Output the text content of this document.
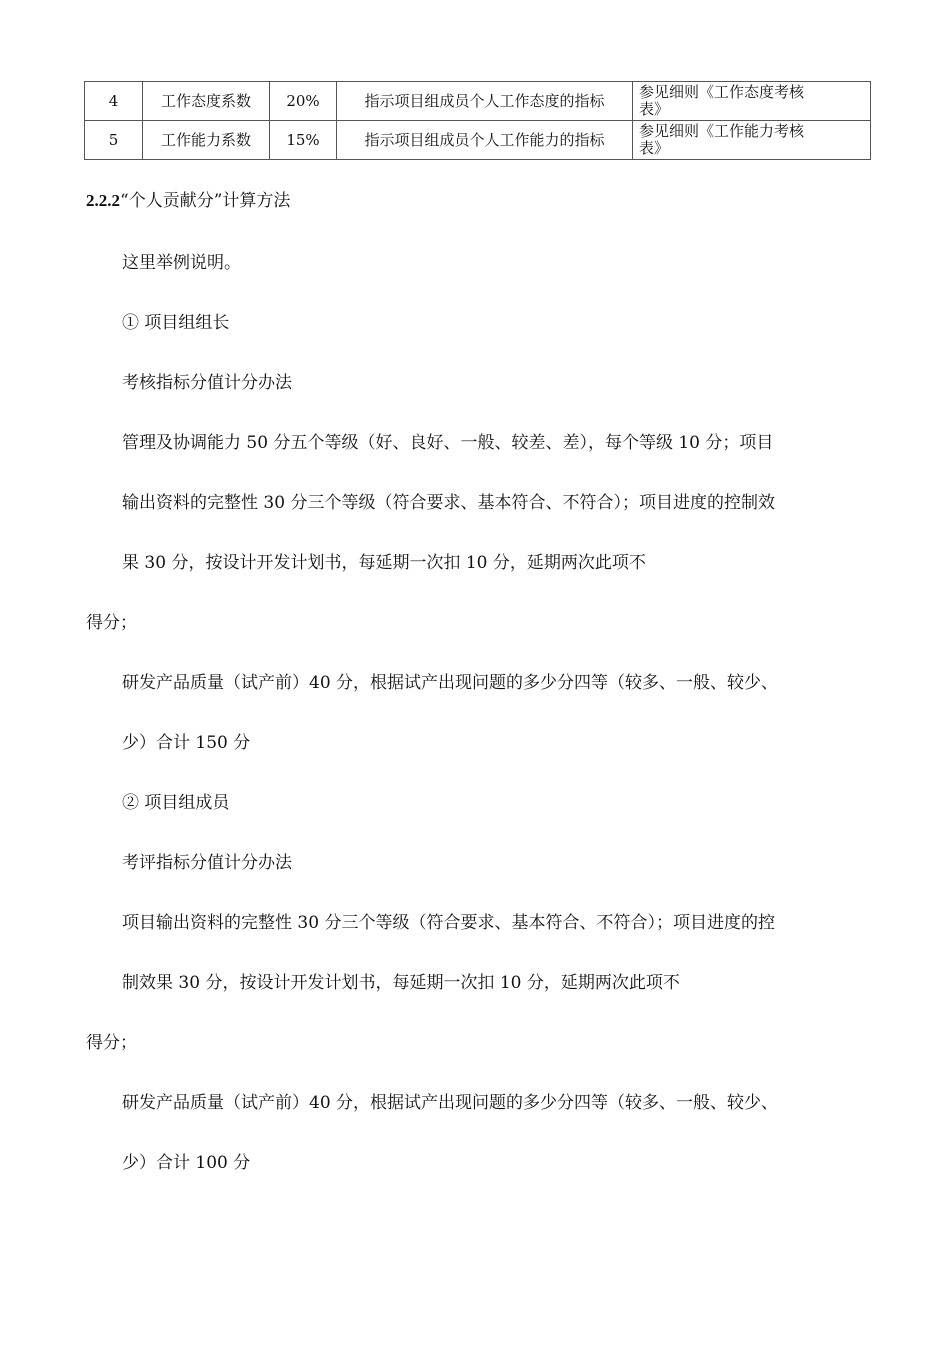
4	工作态度系数	20%	指示项目组成员个人工作态度的指标	参见细则《工作态度考核
表》
5	工作能力系数	15%	指示项目组成员个人工作能力的指标	参见细则《工作能力考核
表》
2.2.2“个人贡献分”计算方法
这里举例说明。
① 项目组组长
考核指标分值计分办法
管理及协调能力 50 分五个等级（好、良好、一般、较差、差），每个等级 10 分；项目
输出资料的完整性 30 分三个等级（符合要求、基本符合、不符合）；项目进度的控制效
果 30 分，按设计开发计划书，每延期一次扣 10 分，延期两次此项不
得分；
研发产品质量（试产前）40 分，根据试产出现问题的多少分四等（较多、一般、较少、
少）合计 150 分
② 项目组成员
考评指标分值计分办法
项目输出资料的完整性 30 分三个等级（符合要求、基本符合、不符合）；项目进度的控
制效果 30 分，按设计开发计划书，每延期一次扣 10 分，延期两次此项不
得分；
研发产品质量（试产前）40 分，根据试产出现问题的多少分四等（较多、一般、较少、
少）合计 100 分
